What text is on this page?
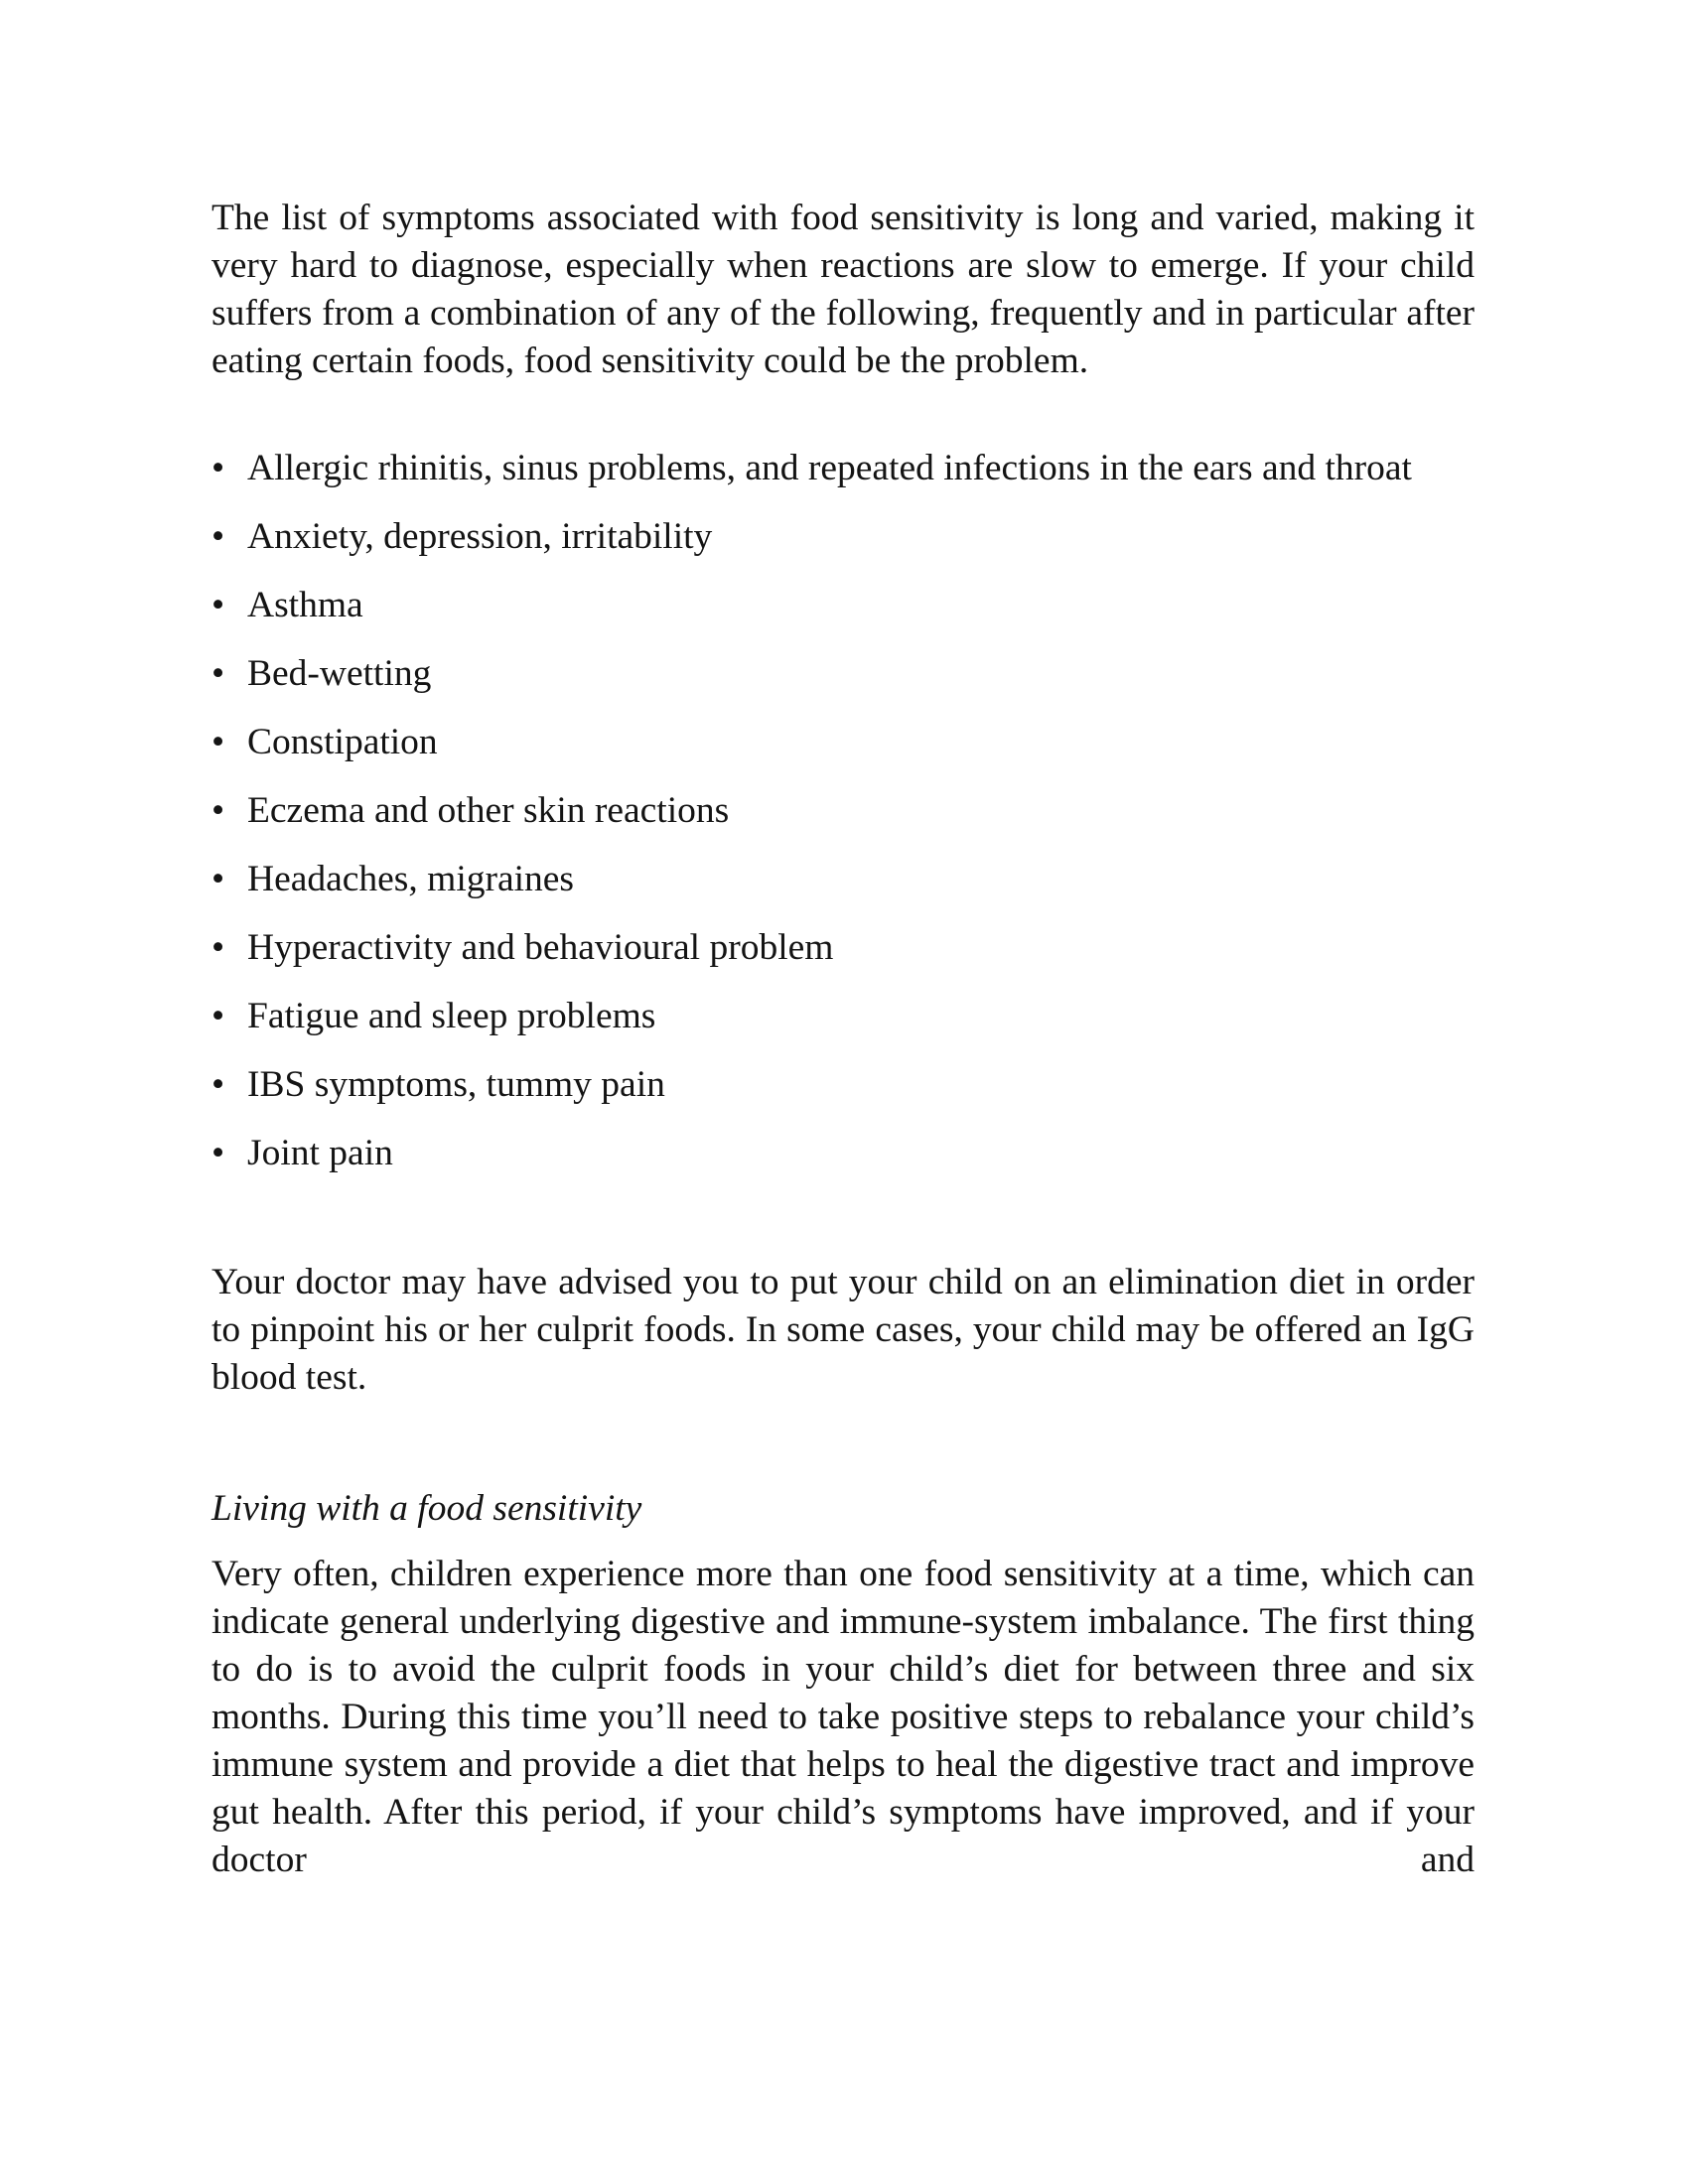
The list of symptoms associated with food sensitivity is long and varied, making it very hard to diagnose, especially when reactions are slow to emerge. If your child suffers from a combination of any of the following, frequently and in particular after eating certain foods, food sensitivity could be the problem.

• Allergic rhinitis, sinus problems, and repeated infections in the ears and throat
• Anxiety, depression, irritability
• Asthma
• Bed-wetting
• Constipation
• Eczema and other skin reactions
• Headaches, migraines
• Hyperactivity and behavioural problem
• Fatigue and sleep problems
• IBS symptoms, tummy pain
• Joint pain

Your doctor may have advised you to put your child on an elimination diet in order to pinpoint his or her culprit foods. In some cases, your child may be offered an IgG blood test.

Living with a food sensitivity

Very often, children experience more than one food sensitivity at a time, which can indicate general underlying digestive and immune-system imbalance. The first thing to do is to avoid the culprit foods in your child’s diet for between three and six months. During this time you’ll need to take positive steps to rebalance your child’s immune system and provide a diet that helps to heal the digestive tract and improve gut health. After this period, if your child’s symptoms have improved, and if your doctor and
